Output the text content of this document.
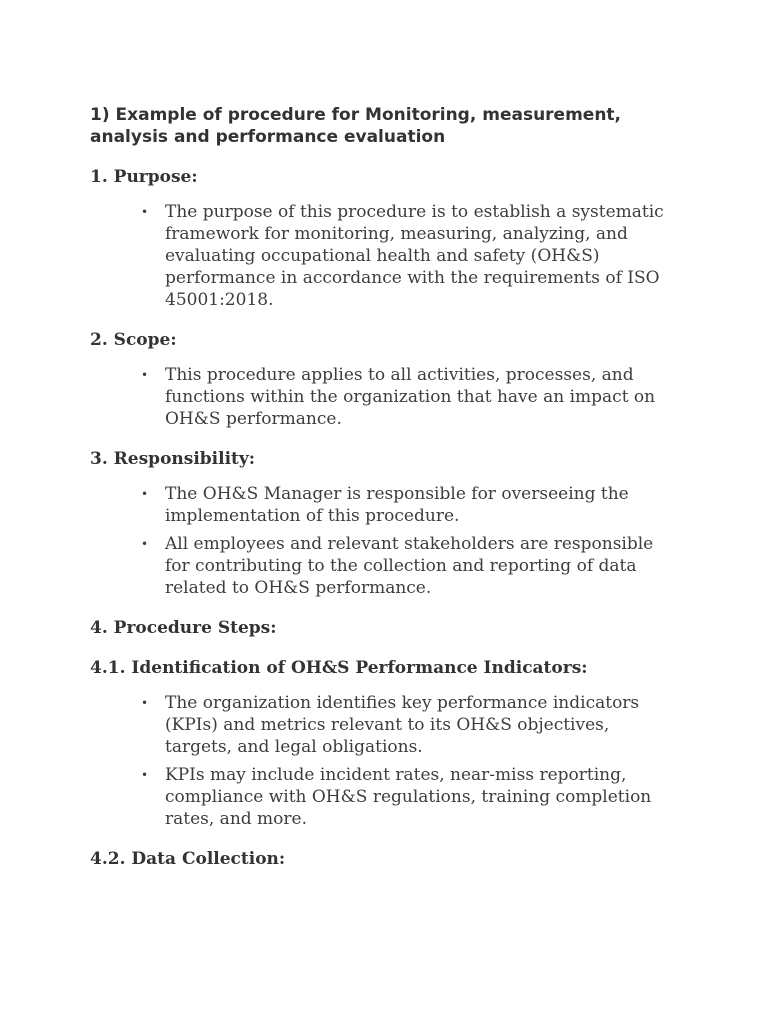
1) Example of procedure for Monitoring, measurement, analysis and performance evaluation
1. Purpose:
• The purpose of this procedure is to establish a systematic framework for monitoring, measuring, analyzing, and evaluating occupational health and safety (OH&S) performance in accordance with the requirements of ISO 45001:2018.
2. Scope:
• This procedure applies to all activities, processes, and functions within the organization that have an impact on OH&S performance.
3. Responsibility:
• The OH&S Manager is responsible for overseeing the implementation of this procedure.
• All employees and relevant stakeholders are responsible for contributing to the collection and reporting of data related to OH&S performance.
4. Procedure Steps:
4.1. Identification of OH&S Performance Indicators:
• The organization identifies key performance indicators (KPIs) and metrics relevant to its OH&S objectives, targets, and legal obligations.
• KPIs may include incident rates, near-miss reporting, compliance with OH&S regulations, training completion rates, and more.
4.2. Data Collection:
